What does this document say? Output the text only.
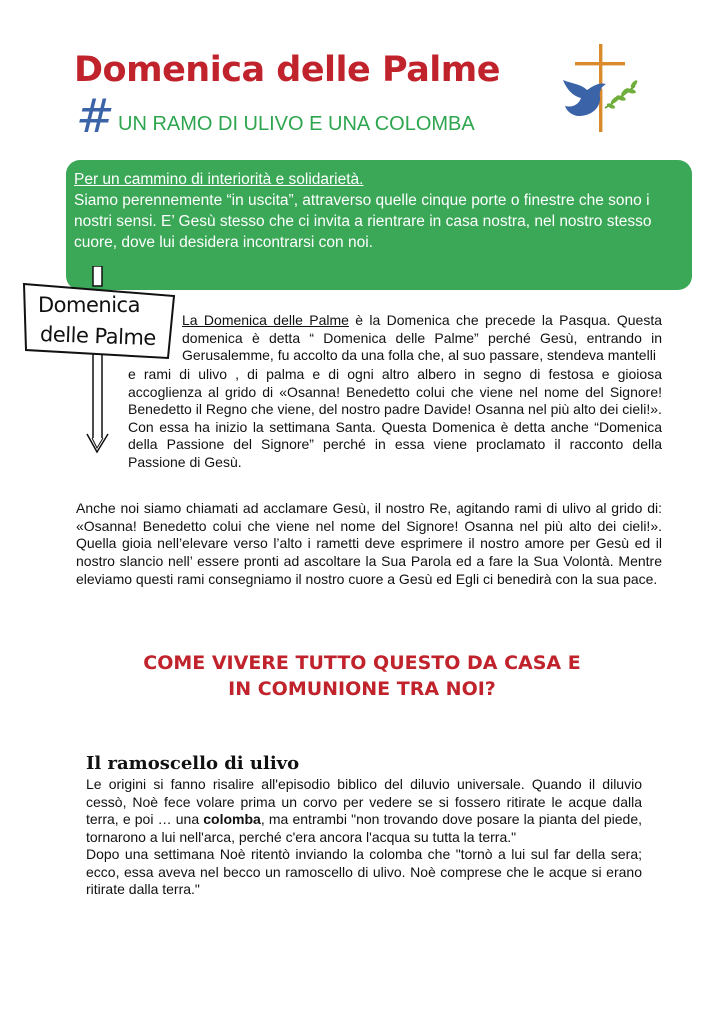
Domenica delle Palme
# UN RAMO DI ULIVO E UNA COLOMBA
Per un cammino di interiorità e solidarietà.
Siamo perennemente “in uscita”, attraverso quelle cinque porte o finestre che sono i nostri sensi. E’ Gesù stesso che ci invita a rientrare in casa nostra, nel nostro stesso cuore, dove lui desidera incontrarsi con noi.
Domenica
delle Palme
La Domenica delle Palme è la Domenica che precede la Pasqua. Questa domenica è detta “ Domenica delle Palme” perché Gesù, entrando in Gerusalemme, fu accolto da una folla che, al suo passare, stendeva mantelli
e rami di ulivo , di palma e di ogni altro albero in segno di festosa e gioiosa accoglienza al grido di «Osanna! Benedetto colui che viene nel nome del Signore! Benedetto il Regno che viene, del nostro padre Davide! Osanna nel più alto dei cieli!».
Con essa ha inizio la settimana Santa. Questa Domenica è detta anche “Domenica della Passione del Signore” perché in essa viene proclamato il racconto della Passione di Gesù.
Anche noi siamo chiamati ad acclamare Gesù, il nostro Re, agitando rami di ulivo al grido di: «Osanna! Benedetto colui che viene nel nome del Signore! Osanna nel più alto dei cieli!». Quella gioia nell’elevare verso l’alto i rametti deve esprimere il nostro amore per Gesù ed il nostro slancio nell’ essere pronti ad ascoltare la Sua Parola ed a fare la Sua Volontà. Mentre eleviamo questi rami consegniamo il nostro cuore a Gesù ed Egli ci benedirà con la sua pace.
COME VIVERE TUTTO QUESTO DA CASA E
IN COMUNIONE TRA NOI?
Il ramoscello di ulivo
Le origini si fanno risalire all'episodio biblico del diluvio universale. Quando il diluvio cessò, Noè fece volare prima un corvo per vedere se si fossero ritirate le acque dalla terra, e poi … una colomba, ma entrambi "non trovando dove posare la pianta del piede, tornarono a lui nell'arca, perché c'era ancora l'acqua su tutta la terra."
Dopo una settimana Noè ritentò inviando la colomba che "tornò a lui sul far della sera; ecco, essa aveva nel becco un ramoscello di ulivo. Noè comprese che le acque si erano ritirate dalla terra."
